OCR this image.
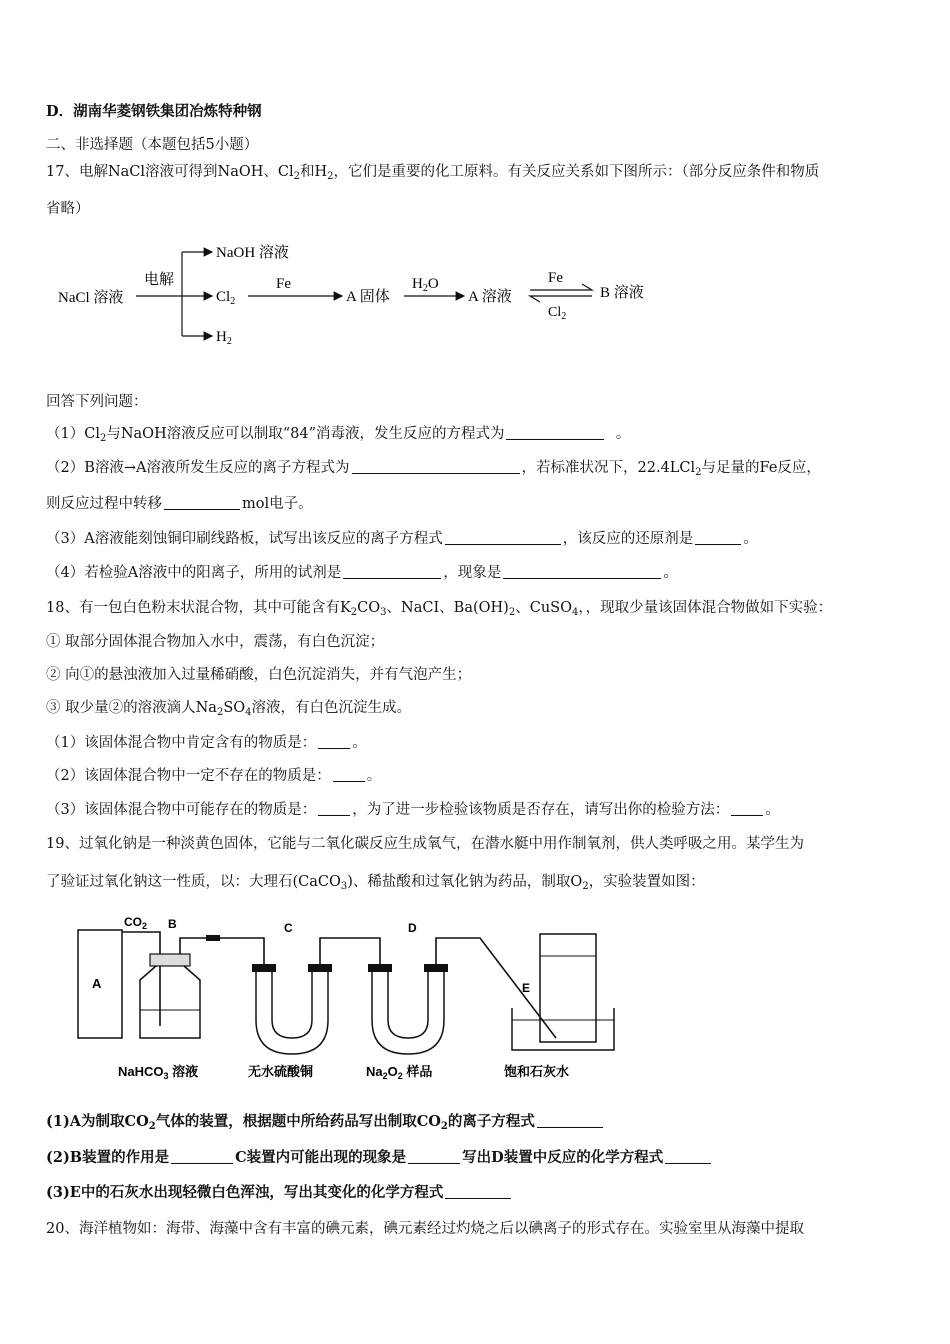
D．湖南华菱钢铁集团冶炼特种钢
二、非选择题（本题包括5小题）
17、电解NaCl溶液可得到NaOH、$Cl_2$和$H_2$，它们是重要的化工原料。有关反应关系如下图所示：（部分反应条件和物质
省略）
NaCl 溶液
电解
NaOH 溶液
$Cl_2$
$H_2$
Fe
A 固体
$H_2O$
A 溶液
Fe
$Cl_2$
B 溶液
回答下列问题：
$(1)Cl_2$与NaOH溶液反应可以制取“84”消毒液，发生反应的方程式为	。
（2）B溶液→A溶液所发生反应的离子方程式为	，若标准状况下，22.4LCl$_2$与足量的Fe反应，
则反应过程中转移	mol电子。
（3）A溶液能刻蚀铜印刷线路板，试写出该反应的离子方程式	，该反应的还原剂是	。
（4）若检验A溶液中的阳离子，所用的试剂是	，现象是	。
18、有一包白色粉末状混合物，其中可能含有$K_2CO_3$、NaCI、$Ba(OH)_2$、CuSO$_4$，，现取少量该固体混合物做如下实验：
① 取部分固体混合物加入水中，震荡，有白色沉淀；
② 向①的悬浊液加入过量稀硝酸，白色沉淀消失，并有气泡产生；
③ 取少量②的溶液滴人$Na_2SO_4$溶液，有白色沉淀生成。
（1）该固体混合物中肯定含有的物质是： 。
（2）该固体混合物中一定不存在的物质是： 。
（3）该固体混合物中可能存在的物质是： ，为了进一步检验该物质是否存在，请写出你的检验方法： 。
19、过氧化钠是一种淡黄色固体，它能与二氧化碳反应生成氧气，在潜水艇中用作制氧剂，供人类呼吸之用。某学生为
了验证过氧化钠这一性质，以：大理石(CaCO$_3$)、稀盐酸和过氧化钠为药品，制取$O_2$，实验装置如图：
A
$CO_2$ B
NaHCO$_3$ 溶液
C
无水硫酸铜
D
$Na_2O_2$ 样品
E
饱和石灰水
(1)A为制取$CO_2$气体的装置，根据题中所给药品写出制取$CO_2$的离子方程式
(2)B装置的作用是	C装置内可能出现的现象是	写出D装置中反应的化学方程式
(3)E中的石灰水出现轻微白色浑浊，写出其变化的化学方程式
20、海洋植物如：海带、海藻中含有丰富的碘元素，碘元素经过灼烧之后以碘离子的形式存在。实验室里从海藻中提取
